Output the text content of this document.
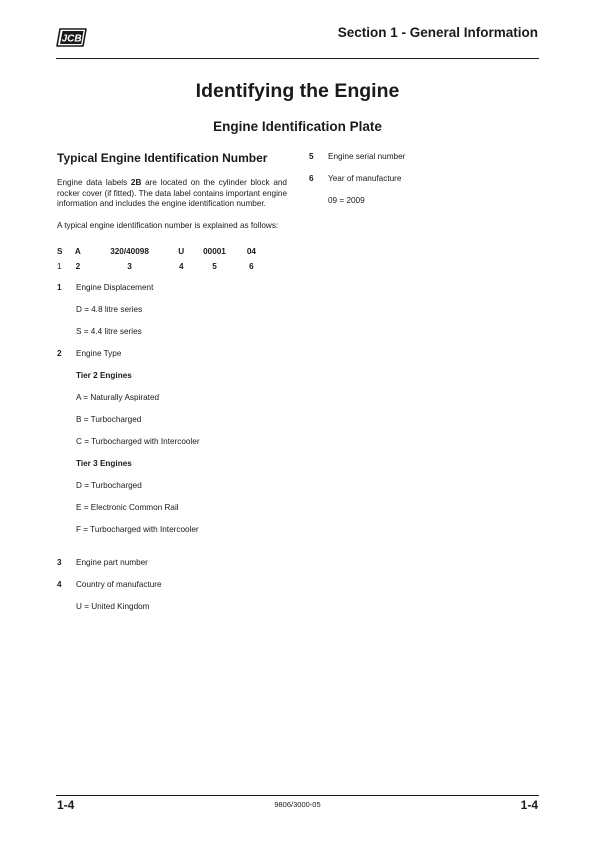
JCB	Section 1 - General Information
Identifying the Engine
Engine Identification Plate
Typical Engine Identification Number

Engine data labels 2B are located on the cylinder block and rocker cover (if fitted). The data label contains important engine information and includes the engine identification number.

A typical engine identification number is explained as follows:

S	A	320/40098	U	00001	04
1	2	3	4	5	6
1	Engine Displacement
D = 4.8 litre series
S = 4.4 litre series
2	Engine Type
Tier 2 Engines
A = Naturally Aspirated
B = Turbocharged
C = Turbocharged with Intercooler
Tier 3 Engines
D = Turbocharged
E = Electronic Common Rail
F = Turbocharged with Intercooler
3	Engine part number
4	Country of manufacture
U = United Kingdom
5	Engine serial number
6	Year of manufacture
09 = 2009
1-4	9806/3000-05	1-4
